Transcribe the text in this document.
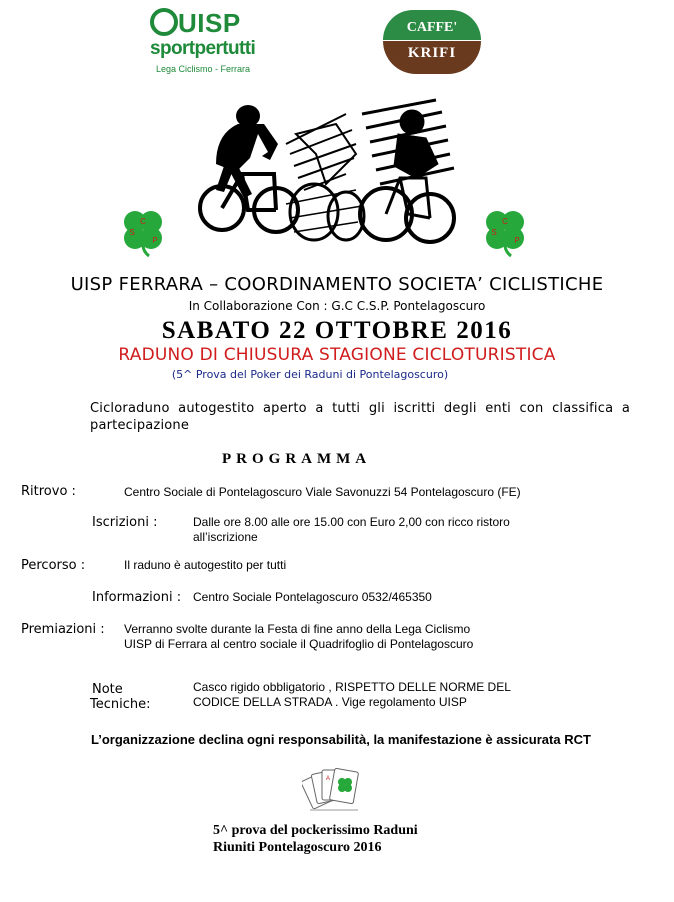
UISP
sportpertutti
Lega Ciclismo - Ferrara
CAFFE'
KRIFI
C
S
P
C
S
P
UISP FERRARA – COORDINAMENTO SOCIETA’ CICLISTICHE
In Collaborazione Con : G.C C.S.P. Pontelagoscuro
SABATO 22 OTTOBRE 2016
RADUNO DI CHIUSURA STAGIONE CICLOTURISTICA
(5^ Prova del Poker dei Raduni di Pontelagoscuro)
Cicloraduno autogestito aperto a tutti gli iscritti degli enti con classifica a partecipazione
PROGRAMMA
Ritrovo :	Centro Sociale di Pontelagoscuro Viale Savonuzzi 54 Pontelagoscuro (FE)
Iscrizioni :	Dalle ore 8.00 alle ore 15.00 con Euro 2,00 con ricco ristoro
all’iscrizione
Percorso :	Il raduno è autogestito per tutti
Informazioni : Centro Sociale Pontelagoscuro 0532/465350
Premiazioni : Verranno svolte durante la Festa di fine anno della Lega Ciclismo
UISP di Ferrara al centro sociale il Quadrifoglio di Pontelagoscuro
Note
Tecniche:
Casco rigido obbligatorio , RISPETTO DELLE NORME DEL
CODICE DELLA STRADA . Vige regolamento UISP
L’organizzazione declina ogni responsabilità, la manifestazione è assicurata RCT
A
5^ prova del pockerissimo Raduni
Riuniti Pontelagoscuro 2016
